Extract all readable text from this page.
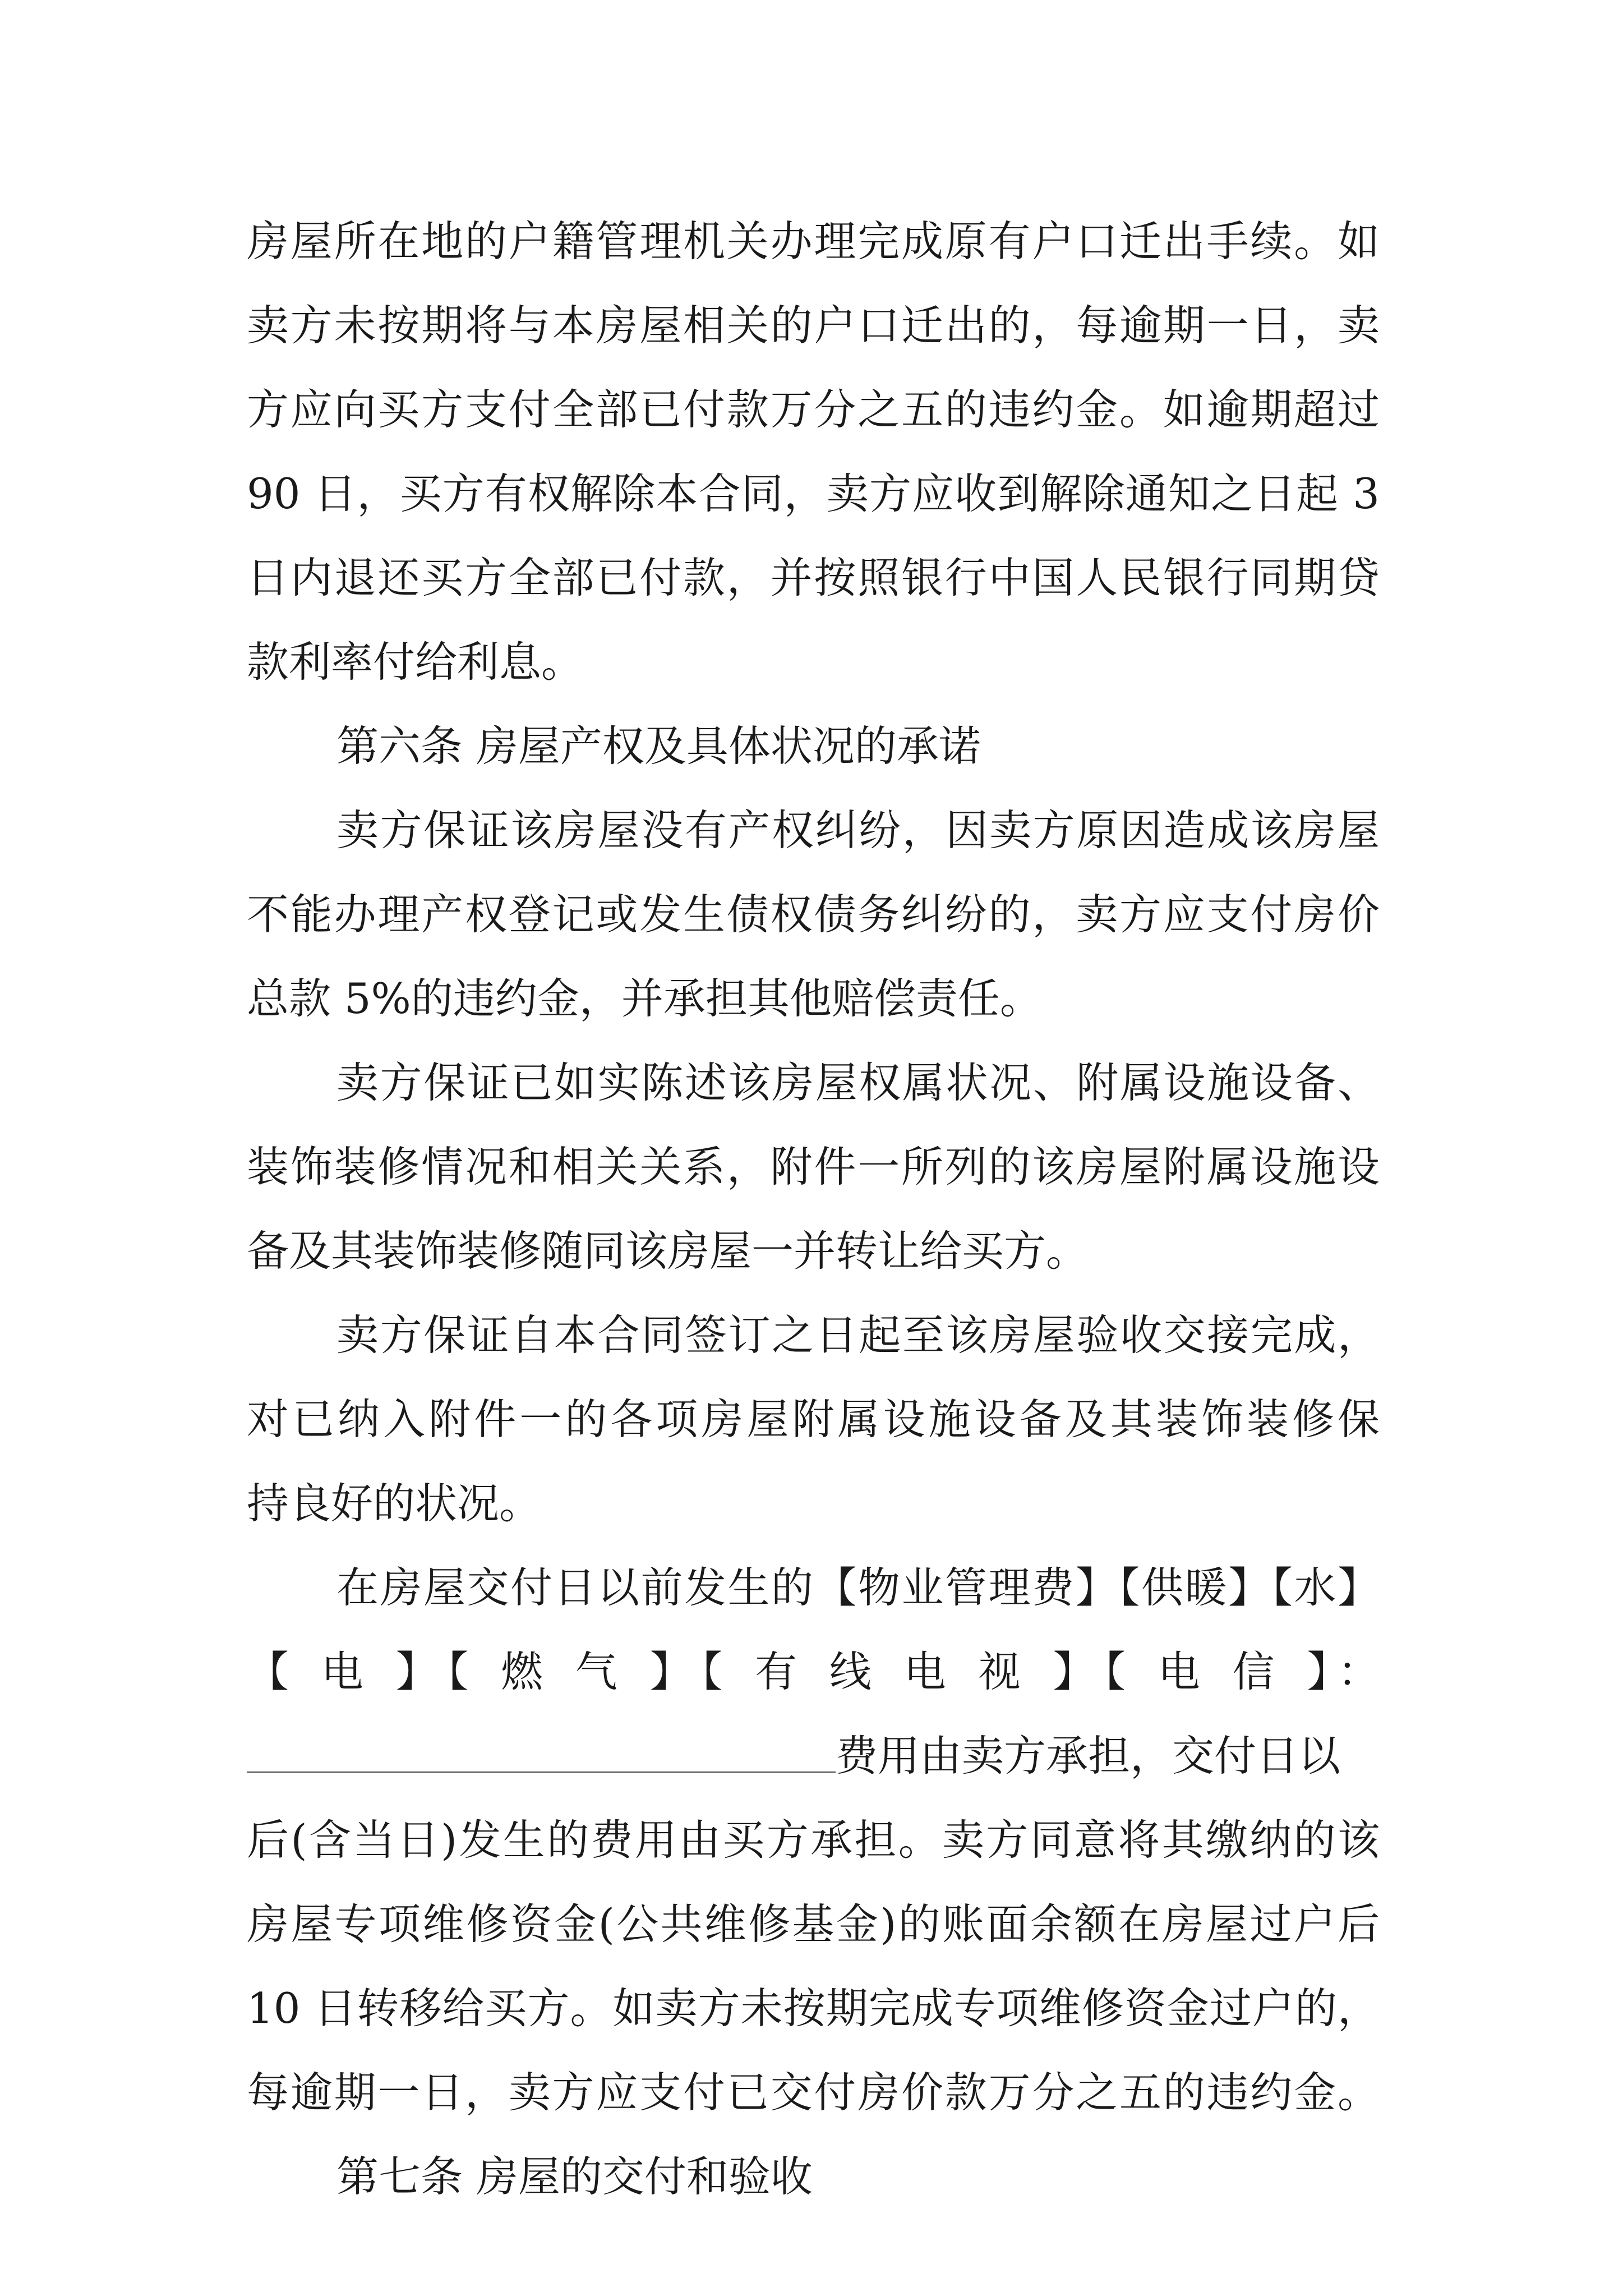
房屋所在地的户籍管理机关办理完成原有户口迁出手续。如
卖方未按期将与本房屋相关的户口迁出的，每逾期一日，卖
方应向买方支付全部已付款万分之五的违约金。如逾期超过
90 日，买方有权解除本合同，卖方应收到解除通知之日起 3
日内退还买方全部已付款，并按照银行中国人民银行同期贷
款利率付给利息。
第六条 房屋产权及具体状况的承诺
卖方保证该房屋没有产权纠纷，因卖方原因造成该房屋
不能办理产权登记或发生债权债务纠纷的，卖方应支付房价
总款 5%的违约金，并承担其他赔偿责任。
卖方保证已如实陈述该房屋权属状况、附属设施设备、
装饰装修情况和相关关系，附件一所列的该房屋附属设施设
备及其装饰装修随同该房屋一并转让给买方。
卖方保证自本合同签订之日起至该房屋验收交接完成，
对已纳入附件一的各项房屋附属设施设备及其装饰装修保
持良好的状况。
在房屋交付日以前发生的【物业管理费】【供暖】【水】
【 电 】【 燃 气 】【 有 线 电 视 】【 电 信 】：
费用由卖方承担，交付日以
后(含当日)发生的费用由买方承担。卖方同意将其缴纳的该
房屋专项维修资金(公共维修基金)的账面余额在房屋过户后
10 日转移给买方。如卖方未按期完成专项维修资金过户的，
每逾期一日，卖方应支付已交付房价款万分之五的违约金。
第七条 房屋的交付和验收
